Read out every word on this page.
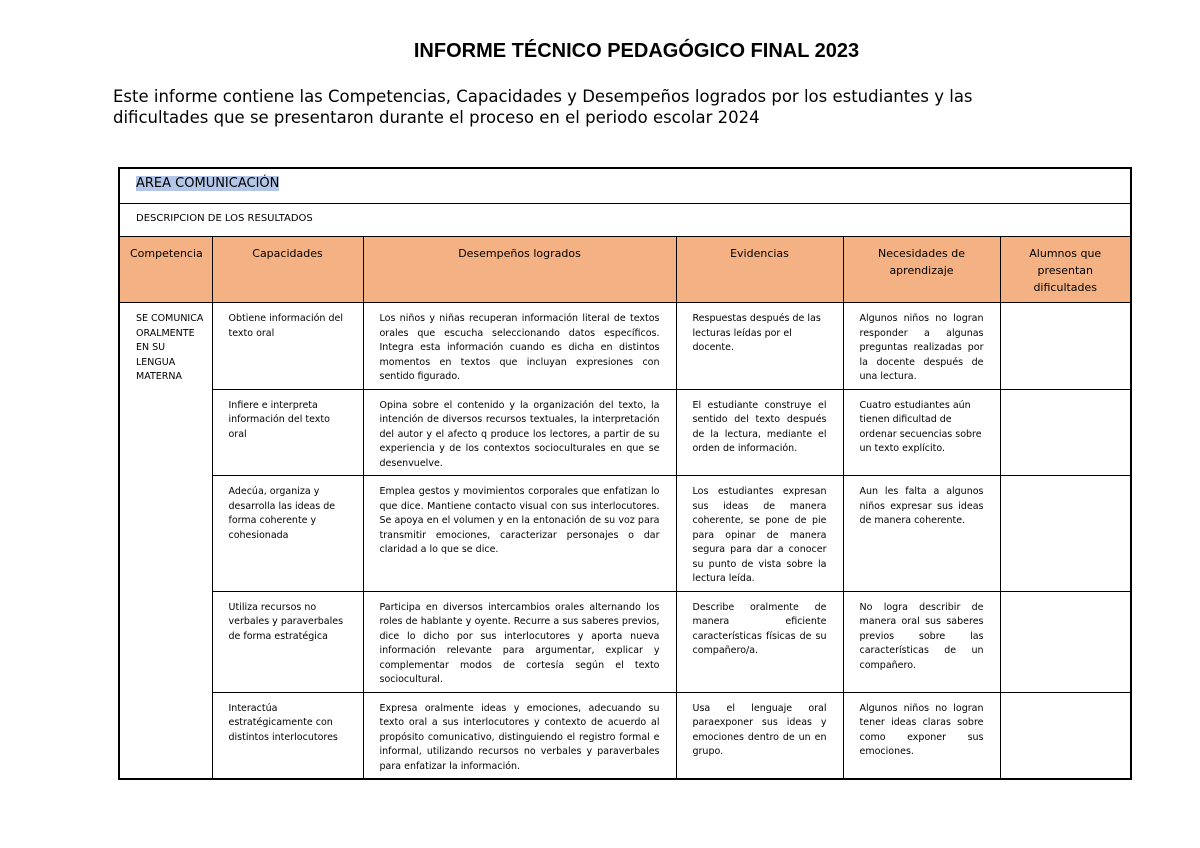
INFORME TÉCNICO PEDAGÓGICO FINAL 2023
Este informe contiene las Competencias, Capacidades y Desempeños logrados por los estudiantes y las
dificultades que se presentaron durante el proceso en el periodo escolar 2024
AREA COMUNICACIÓN					
DESCRIPCION DE LOS RESULTADOS					
Competencia	Capacidades	Desempeños logrados	Evidencias	Necesidades de aprendizaje	Alumnos que presentan dificultades
SE COMUNICA ORALMENTE EN SU LENGUA MATERNA	Obtiene información del texto oral	Los niños y niñas recuperan información literal de textos orales que escucha seleccionando datos específicos. Integra esta información cuando es dicha en distintos momentos en textos que incluyan expresiones con sentido figurado.	Respuestas después de las lecturas leídas por el docente.	Algunos niños no logran responder a algunas preguntas realizadas por la docente después de una lectura.	
	Infiere e interpreta información del texto oral	Opina sobre el contenido y la organización del texto, la intención de diversos recursos textuales, la interpretación del autor y el afecto q produce los lectores, a partir de su experiencia y de los contextos socioculturales en que se desenvuelve.	El estudiante construye el sentido del texto después de la lectura, mediante el orden de información.	Cuatro estudiantes aún tienen dificultad de ordenar secuencias sobre un texto explícito.	
	Adecúa, organiza y desarrolla las ideas de forma coherente y cohesionada	Emplea gestos y movimientos corporales que enfatizan lo que dice. Mantiene contacto visual con sus interlocutores. Se apoya en el volumen y en la entonación de su voz para transmitir emociones, caracterizar personajes o dar claridad a lo que se dice.	Los estudiantes expresan sus ideas de manera coherente, se pone de pie para opinar de manera segura para dar a conocer su punto de vista sobre la lectura leída.	Aun les falta a algunos niños expresar sus ideas de manera coherente.	
	Utiliza recursos no verbales y paraverbales de forma estratégica	Participa en diversos intercambios orales alternando los roles de hablante y oyente. Recurre a sus saberes previos, dice lo dicho por sus interlocutores y aporta nueva información relevante para argumentar, explicar y complementar modos de cortesía según el texto sociocultural.	Describe oralmente de manera eficiente características físicas de su compañero/a.	No logra describir de manera oral sus saberes previos sobre las características de un compañero.	
	Interactúa estratégicamente con distintos interlocutores	Expresa oralmente ideas y emociones, adecuando su texto oral a sus interlocutores y contexto de acuerdo al propósito comunicativo, distinguiendo el registro formal e informal, utilizando recursos no verbales y paraverbales para enfatizar la información.	Usa el lenguaje oral paraexponer sus ideas y emociones dentro de un en grupo.	Algunos niños no logran tener ideas claras sobre como exponer sus emociones.	
